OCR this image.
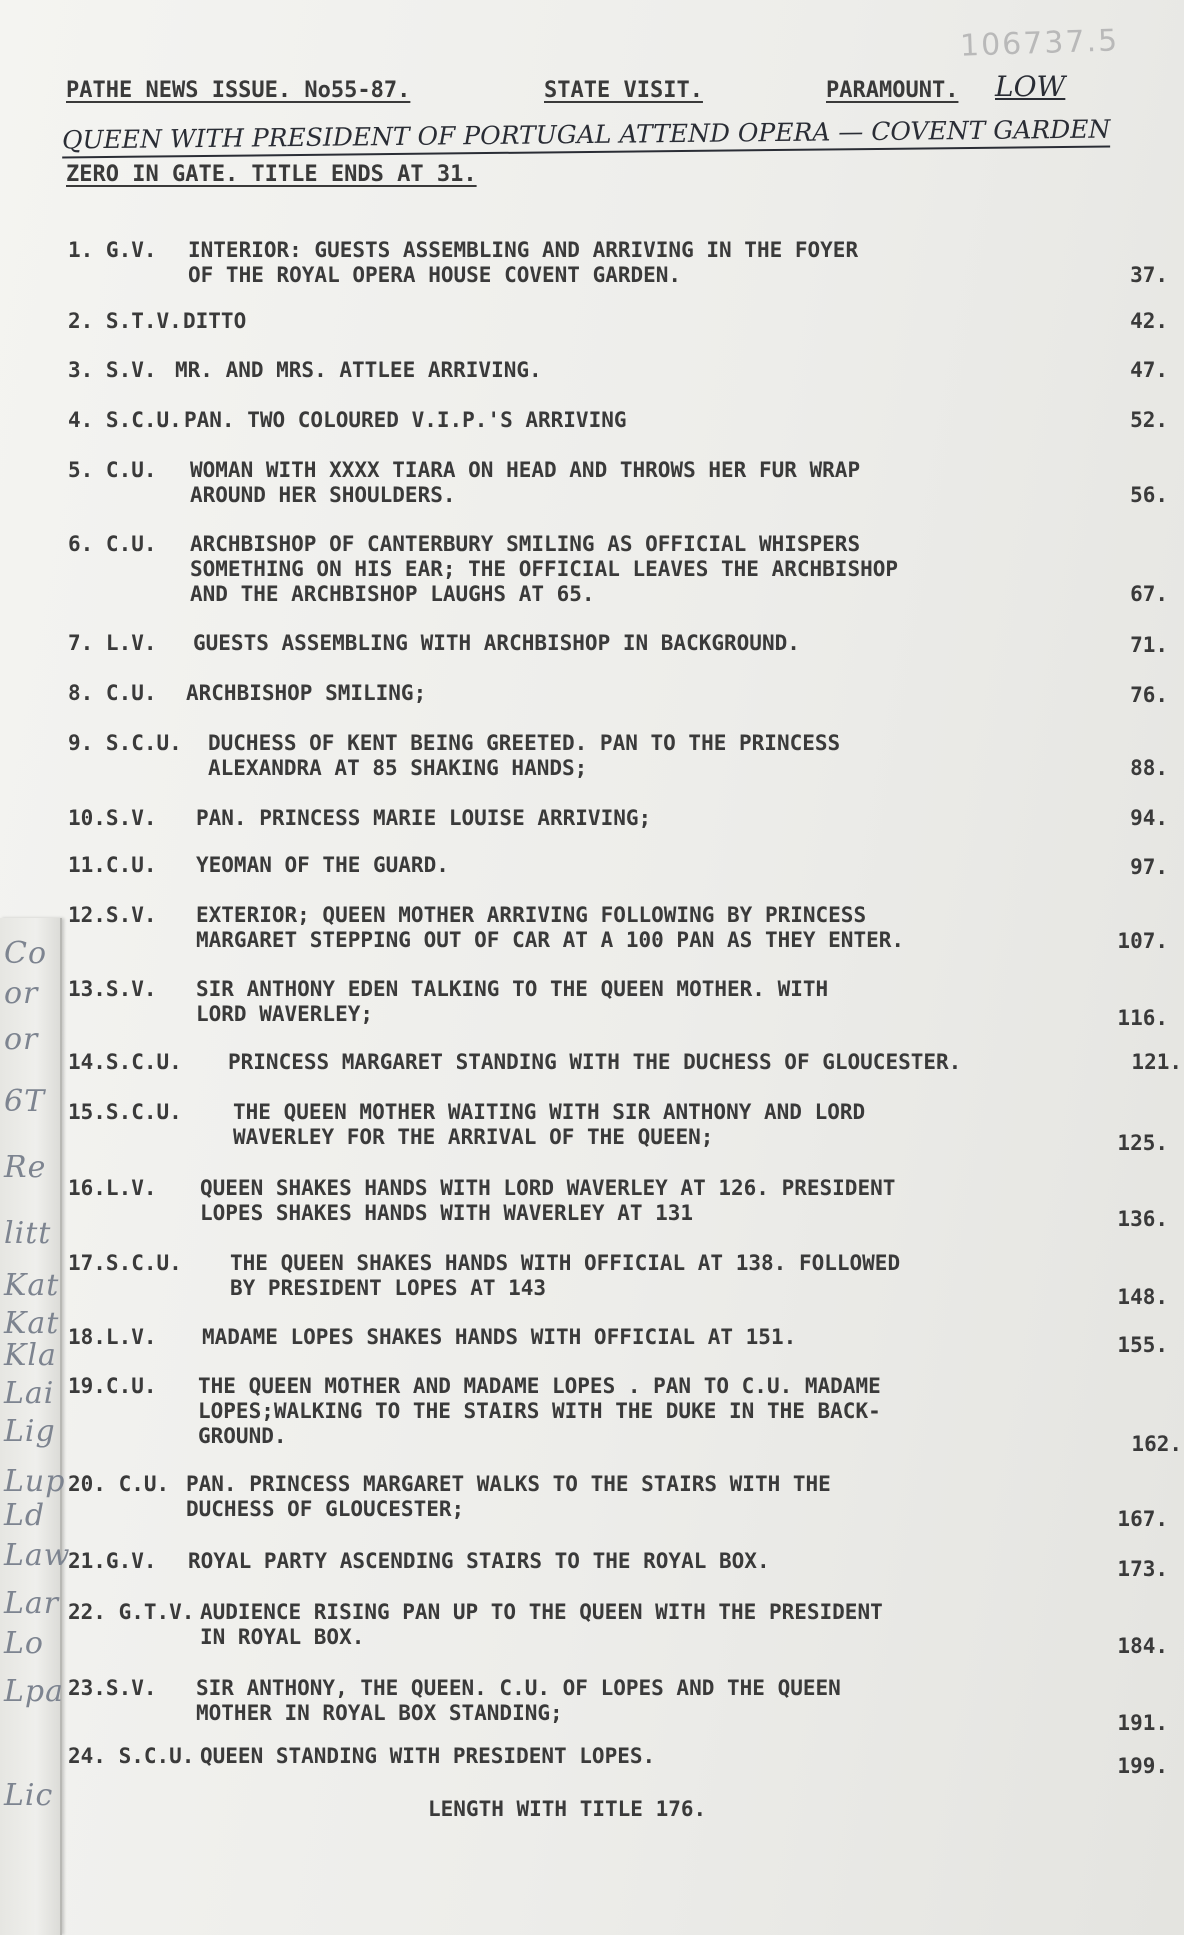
106737.5
PATHE NEWS ISSUE. No55-87.	STATE VISIT.	PARAMOUNT. LOW
QUEEN WITH PRESIDENT OF PORTUGAL ATTEND OPERA — COVENT GARDEN
ZERO IN GATE. TITLE ENDS AT 31.
1. G.V. INTERIOR: GUESTS ASSEMBLING AND ARRIVING IN THE FOYER
OF THE ROYAL OPERA HOUSE COVENT GARDEN.	37.
2. S.T.V. DITTO	42.
3. S.V. MR. AND MRS. ATTLEE ARRIVING.	47.
4. S.C.U. PAN. TWO COLOURED V.I.P.'S ARRIVING	52.
5. C.U. WOMAN WITH XXXX TIARA ON HEAD AND THROWS HER FUR WRAP
AROUND HER SHOULDERS.	56.
6. C.U. ARCHBISHOP OF CANTERBURY SMILING AS OFFICIAL WHISPERS
SOMETHING ON HIS EAR; THE OFFICIAL LEAVES THE ARCHBISHOP
AND THE ARCHBISHOP LAUGHS AT 65.	67.
7. L.V. GUESTS ASSEMBLING WITH ARCHBISHOP IN BACKGROUND.	71.
8. C.U. ARCHBISHOP SMILING;	76.
9. S.C.U. DUCHESS OF KENT BEING GREETED. PAN TO THE PRINCESS
ALEXANDRA AT 85 SHAKING HANDS;	88.
10.S.V. PAN. PRINCESS MARIE LOUISE ARRIVING;	94.
11.C.U. YEOMAN OF THE GUARD.	97.
12.S.V. EXTERIOR; QUEEN MOTHER ARRIVING FOLLOWING BY PRINCESS
MARGARET STEPPING OUT OF CAR AT A 100 PAN AS THEY ENTER.	107.
13.S.V. SIR ANTHONY EDEN TALKING TO THE QUEEN MOTHER. WITH
LORD WAVERLEY;	116.
14.S.C.U. PRINCESS MARGARET STANDING WITH THE DUCHESS OF GLOUCESTER.	121.
15.S.C.U. THE QUEEN MOTHER WAITING WITH SIR ANTHONY AND LORD
WAVERLEY FOR THE ARRIVAL OF THE QUEEN;	125.
16.L.V. QUEEN SHAKES HANDS WITH LORD WAVERLEY AT 126. PRESIDENT
LOPES SHAKES HANDS WITH WAVERLEY AT 131	136.
17.S.C.U. THE QUEEN SHAKES HANDS WITH OFFICIAL AT 138. FOLLOWED
BY PRESIDENT LOPES AT 143	148.
18.L.V. MADAME LOPES SHAKES HANDS WITH OFFICIAL AT 151.	155.
19.C.U. THE QUEEN MOTHER AND MADAME LOPES . PAN TO C.U. MADAME
LOPES;WALKING TO THE STAIRS WITH THE DUKE IN THE BACK-
GROUND.	162.
20. C.U. PAN. PRINCESS MARGARET WALKS TO THE STAIRS WITH THE
DUCHESS OF GLOUCESTER;	167.
21.G.V. ROYAL PARTY ASCENDING STAIRS TO THE ROYAL BOX.	173.
22. G.T.V. AUDIENCE RISING PAN UP TO THE QUEEN WITH THE PRESIDENT
IN ROYAL BOX.	184.
23.S.V. SIR ANTHONY, THE QUEEN. C.U. OF LOPES AND THE QUEEN
MOTHER IN ROYAL BOX STANDING;	191.
24. S.C.U. QUEEN STANDING WITH PRESIDENT LOPES.	199.
LENGTH WITH TITLE 176.
Co
or
or
6T
Re
litt
Kat
Kat
Kla
Lai
Lig
Lup
Ld
Law
Lar
Lo
Lpa
Lic
